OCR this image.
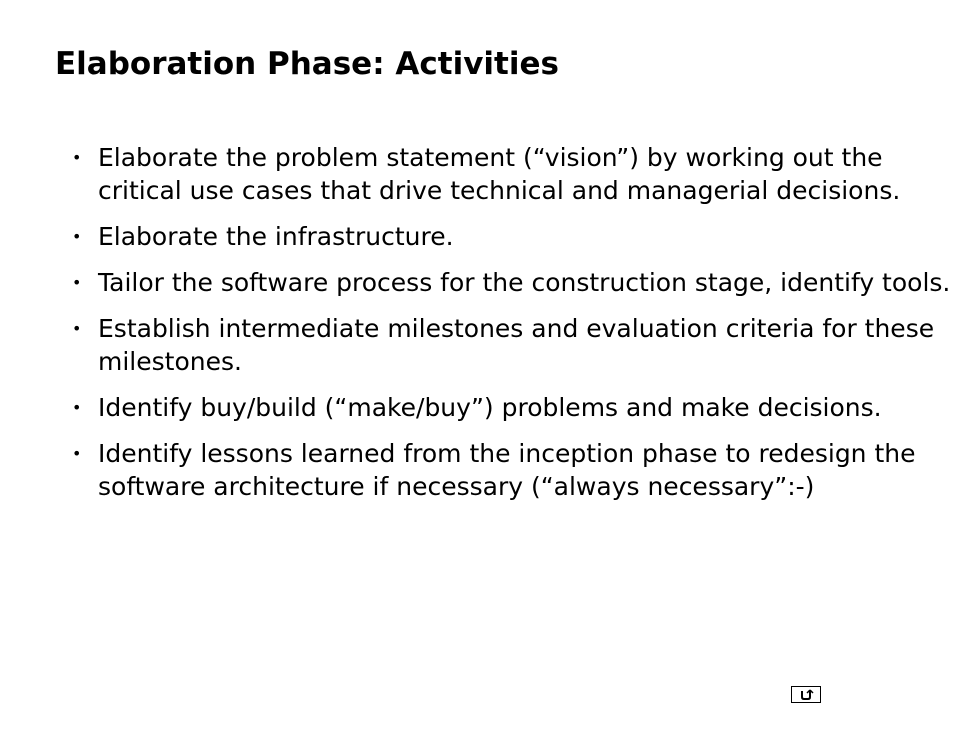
Elaboration Phase: Activities
• Elaborate the problem statement (“vision”) by working out the critical use cases that drive technical and managerial decisions.
• Elaborate the infrastructure.
• Tailor the software process for the construction stage, identify tools.
• Establish intermediate milestones and evaluation criteria for these milestones.
• Identify buy/build (“make/buy”) problems and make decisions.
• Identify lessons learned from the inception phase to redesign the software architecture if necessary (“always necessary”:-)
